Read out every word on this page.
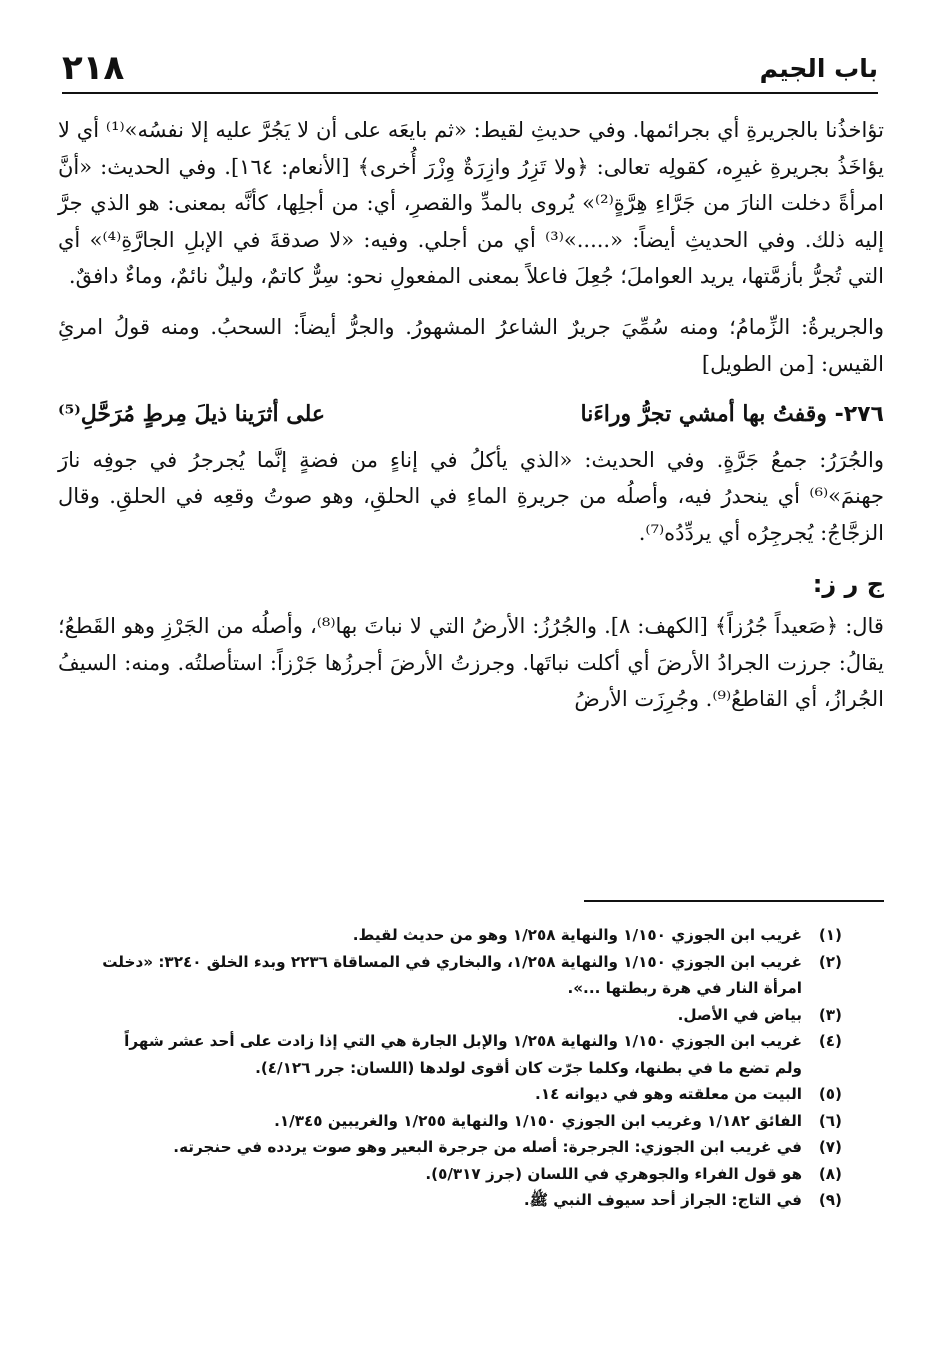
باب الجيم
٢١٨

تؤاخذُنا بالجريرةِ أي بجرائمها. وفي حديثِ لقيط: «ثم بايعَه على أن لا يَجُرَّ عليه إلا نفسُه»⁽¹⁾ أي لا يؤاخَذُ بجريرةِ غيرِه، كقولِه تعالى: ﴿ولا تَزِرُ وازِرَةٌ وِزْرَ أُخرى﴾ [الأنعام: ١٦٤]. وفي الحديث: «أنَّ امرأةً دخلت النارَ من جَرَّاءِ هِرَّةٍ⁽²⁾» يُروى بالمدِّ والقصرِ، أي: من أجلِها، كأنَّه بمعنى: هو الذي جرَّ إليه ذلك. وفي الحديثِ أيضاً: «.....»⁽³⁾ أي من أجلي. وفيه: «لا صدقةَ في الإبلِ الجارَّةِ⁽⁴⁾» أي التي تُجرُّ بأزمَّتها، يريد العواملَ؛ جُعِلَ فاعلاً بمعنى المفعولِ نحو: سِرٌّ كاتمٌ، وليلٌ نائمٌ، وماءٌ دافقٌ.

والجريرةُ: الزِّمامُ؛ ومنه سُمِّيَ جريرٌ الشاعرُ المشهورُ. والجرُّ أيضاً: السحبُ. ومنه قولُ امرئِ القيس: [من الطويل]

٢٧٦- وقفتُ بها أمشي تجرُّ وراءَنا
على أثرَينا ذيلَ مِرطٍ مُرَحَّلِ⁽⁵⁾

والجُرَرُ: جمعُ جَرَّةٍ. وفي الحديث: «الذي يأكلُ في إناءٍ من فضةٍ إنَّما يُجرجرُ في جوفِه نارَ جهنمَ»⁽⁶⁾ أي ينحدرُ فيه، وأصلُه من جريرةِ الماءِ في الحلقِ، وهو صوتُ وقعِه في الحلقِ. وقال الزجَّاجُ: يُجرجِرُه أي يردِّدُه⁽⁷⁾.

ج ر ز:

قال: ﴿صَعيداً جُرُزاً﴾ [الكهف: ٨]. والجُرُزُ: الأرضُ التي لا نباتَ بها⁽⁸⁾، وأصلُه من الجَرْزِ وهو القَطعُ؛ يقالُ: جرزت الجرادُ الأرضَ أي أكلت نباتَها. وجرزتُ الأرضَ أجرزُها جَرْزاً: استأصلتُه. ومنه: السيفُ الجُرازُ، أي القاطعُ⁽⁹⁾. وجُرِزَت الأرضُ

(١)
غريب ابن الجوزي ١/١٥٠ والنهاية ١/٢٥٨ وهو من حديث لقيط.
(٢)
غريب ابن الجوزي ١/١٥٠ والنهاية ١/٢٥٨، والبخاري في المساقاة ٢٢٣٦ وبدء الخلق ٣٢٤٠: «دخلت امرأة النار في هرة ربطتها ...».
(٣)
بياض في الأصل.
(٤)
غريب ابن الجوزي ١/١٥٠ والنهاية ١/٢٥٨ والإبل الجارة هي التي إذا زادت على أحد عشر شهراً ولم تضع ما في بطنها، وكلما جرّت كان أقوى لولدها (اللسان: جرر ٤/١٢٦).
(٥)
البيت من معلقته وهو في ديوانه ١٤.
(٦)
الفائق ١/١٨٢ وغريب ابن الجوزي ١/١٥٠ والنهاية ١/٢٥٥ والغريبين ١/٣٤٥.
(٧)
في غريب ابن الجوزي: الجرجرة: أصله من جرجرة البعير وهو صوت يردده في حنجرته.
(٨)
هو قول الفراء والجوهري في اللسان (جرز ٥/٣١٧).
(٩)
في التاج: الجراز أحد سيوف النبي ﷺ.
